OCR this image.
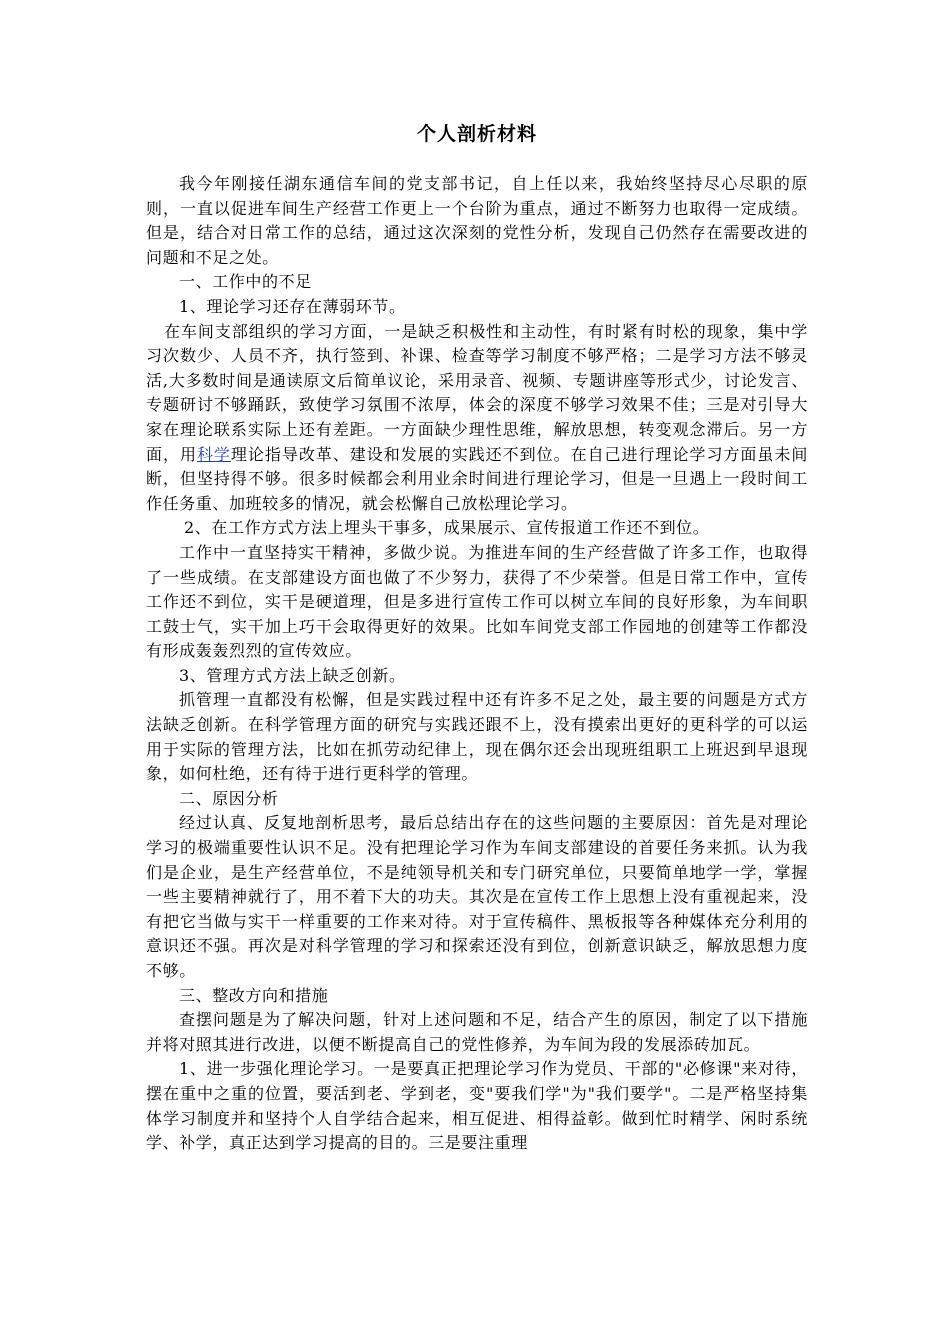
个人剖析材料

我今年刚接任湖东通信车间的党支部书记，自上任以来，我始终坚持尽心尽职的原则，一直以促进车间生产经营工作更上一个台阶为重点，通过不断努力也取得一定成绩。但是，结合对日常工作的总结，通过这次深刻的党性分析，发现自己仍然存在需要改进的问题和不足之处。

一、工作中的不足

1、理论学习还存在薄弱环节。

在车间支部组织的学习方面，一是缺乏积极性和主动性，有时紧有时松的现象，集中学习次数少、人员不齐，执行签到、补课、检查等学习制度不够严格；二是学习方法不够灵活,大多数时间是通读原文后简单议论，采用录音、视频、专题讲座等形式少，讨论发言、专题研讨不够踊跃，致使学习氛围不浓厚，体会的深度不够学习效果不佳；三是对引导大家在理论联系实际上还有差距。一方面缺少理性思维，解放思想，转变观念滞后。另一方面，用科学理论指导改革、建设和发展的实践还不到位。在自己进行理论学习方面虽未间断，但坚持得不够。很多时候都会利用业余时间进行理论学习，但是一旦遇上一段时间工作任务重、加班较多的情况，就会松懈自己放松理论学习。

2、在工作方式方法上埋头干事多，成果展示、宣传报道工作还不到位。

工作中一直坚持实干精神，多做少说。为推进车间的生产经营做了许多工作，也取得了一些成绩。在支部建设方面也做了不少努力，获得了不少荣誉。但是日常工作中，宣传工作还不到位，实干是硬道理，但是多进行宣传工作可以树立车间的良好形象，为车间职工鼓士气，实干加上巧干会取得更好的效果。比如车间党支部工作园地的创建等工作都没有形成轰轰烈烈的宣传效应。

3、管理方式方法上缺乏创新。

抓管理一直都没有松懈，但是实践过程中还有许多不足之处，最主要的问题是方式方法缺乏创新。在科学管理方面的研究与实践还跟不上，没有摸索出更好的更科学的可以运用于实际的管理方法，比如在抓劳动纪律上，现在偶尔还会出现班组职工上班迟到早退现象，如何杜绝，还有待于进行更科学的管理。

二、原因分析

经过认真、反复地剖析思考，最后总结出存在的这些问题的主要原因：首先是对理论学习的极端重要性认识不足。没有把理论学习作为车间支部建设的首要任务来抓。认为我们是企业，是生产经营单位，不是纯领导机关和专门研究单位，只要简单地学一学，掌握一些主要精神就行了，用不着下大的功夫。其次是在宣传工作上思想上没有重视起来，没有把它当做与实干一样重要的工作来对待。对于宣传稿件、黑板报等各种媒体充分利用的意识还不强。再次是对科学管理的学习和探索还没有到位，创新意识缺乏，解放思想力度不够。

三、整改方向和措施

查摆问题是为了解决问题，针对上述问题和不足，结合产生的原因，制定了以下措施并将对照其进行改进，以便不断提高自己的党性修养，为车间为段的发展添砖加瓦。

1、进一步强化理论学习。一是要真正把理论学习作为党员、干部的"必修课"来对待，摆在重中之重的位置，要活到老、学到老，变"要我们学"为"我们要学"。二是严格坚持集体学习制度并和坚持个人自学结合起来，相互促进、相得益彰。做到忙时精学、闲时系统学、补学，真正达到学习提高的目的。三是要注重理
